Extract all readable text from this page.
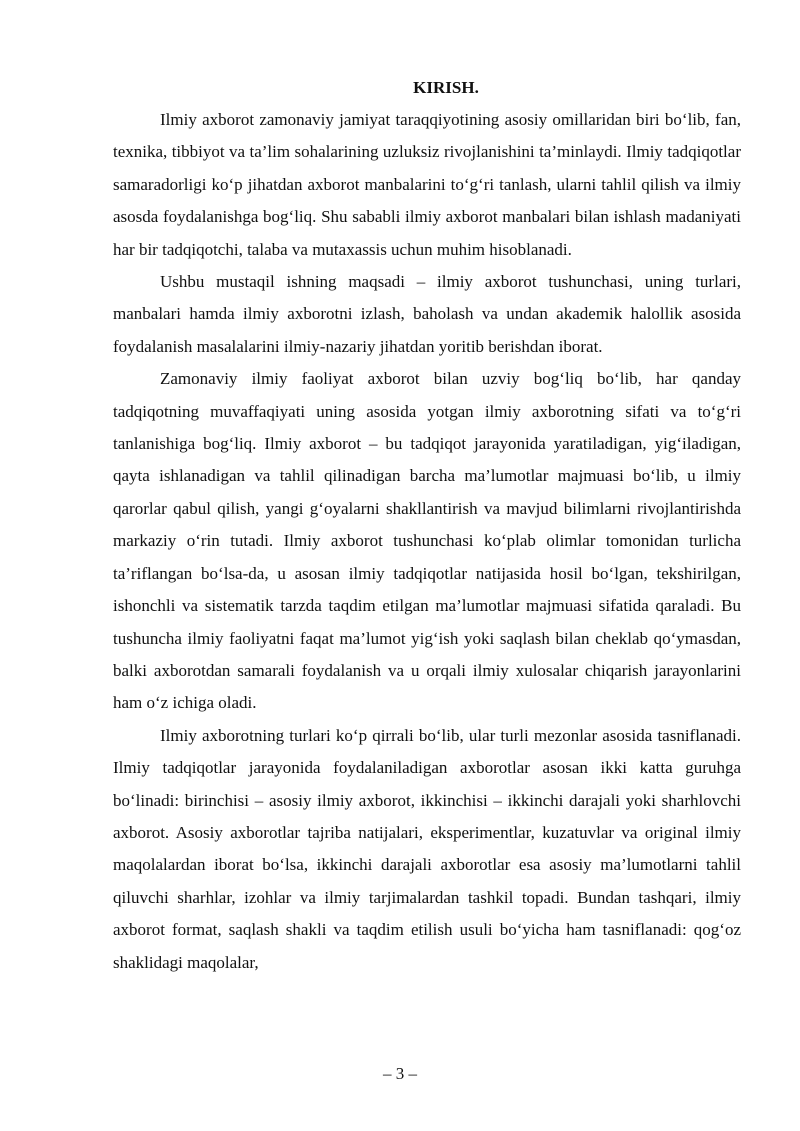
KIRISH.

Ilmiy axborot zamonaviy jamiyat taraqqiyotining asosiy omillaridan biri bo‘lib, fan, texnika, tibbiyot va ta’lim sohalarining uzluksiz rivojlanishini ta’minlaydi. Ilmiy tadqiqotlar samaradorligi ko‘p jihatdan axborot manbalarini to‘g‘ri tanlash, ularni tahlil qilish va ilmiy asosda foydalanishga bog‘liq. Shu sababli ilmiy axborot manbalari bilan ishlash madaniyati har bir tadqiqotchi, talaba va mutaxassis uchun muhim hisoblanadi.

Ushbu mustaqil ishning maqsadi – ilmiy axborot tushunchasi, uning turlari, manbalari hamda ilmiy axborotni izlash, baholash va undan akademik halollik asosida foydalanish masalalarini ilmiy-nazariy jihatdan yoritib berishdan iborat.

Zamonaviy ilmiy faoliyat axborot bilan uzviy bog‘liq bo‘lib, har qanday tadqiqotning muvaffaqiyati uning asosida yotgan ilmiy axborotning sifati va to‘g‘ri tanlanishiga bog‘liq. Ilmiy axborot – bu tadqiqot jarayonida yaratiladigan, yig‘iladigan, qayta ishlanadigan va tahlil qilinadigan barcha ma’lumotlar majmuasi bo‘lib, u ilmiy qarorlar qabul qilish, yangi g‘oyalarni shakllantirish va mavjud bilimlarni rivojlantirishda markaziy o‘rin tutadi. Ilmiy axborot tushunchasi ko‘plab olimlar tomonidan turlicha ta’riflangan bo‘lsa-da, u asosan ilmiy tadqiqotlar natijasida hosil bo‘lgan, tekshirilgan, ishonchli va sistematik tarzda taqdim etilgan ma’lumotlar majmuasi sifatida qaraladi. Bu tushuncha ilmiy faoliyatni faqat ma’lumot yig‘ish yoki saqlash bilan cheklab qo‘ymasdan, balki axborotdan samarali foydalanish va u orqali ilmiy xulosalar chiqarish jarayonlarini ham o‘z ichiga oladi.

Ilmiy axborotning turlari ko‘p qirrali bo‘lib, ular turli mezonlar asosida tasniflanadi. Ilmiy tadqiqotlar jarayonida foydalaniladigan axborotlar asosan ikki katta guruhga bo‘linadi: birinchisi – asosiy ilmiy axborot, ikkinchisi – ikkinchi darajali yoki sharhlovchi axborot. Asosiy axborotlar tajriba natijalari, eksperimentlar, kuzatuvlar va original ilmiy maqolalardan iborat bo‘lsa, ikkinchi darajali axborotlar esa asosiy ma’lumotlarni tahlil qiluvchi sharhlar, izohlar va ilmiy tarjimalardan tashkil topadi. Bundan tashqari, ilmiy axborot format, saqlash shakli va taqdim etilish usuli bo‘yicha ham tasniflanadi: qog‘oz shaklidagi maqolalar,

– 3 –
